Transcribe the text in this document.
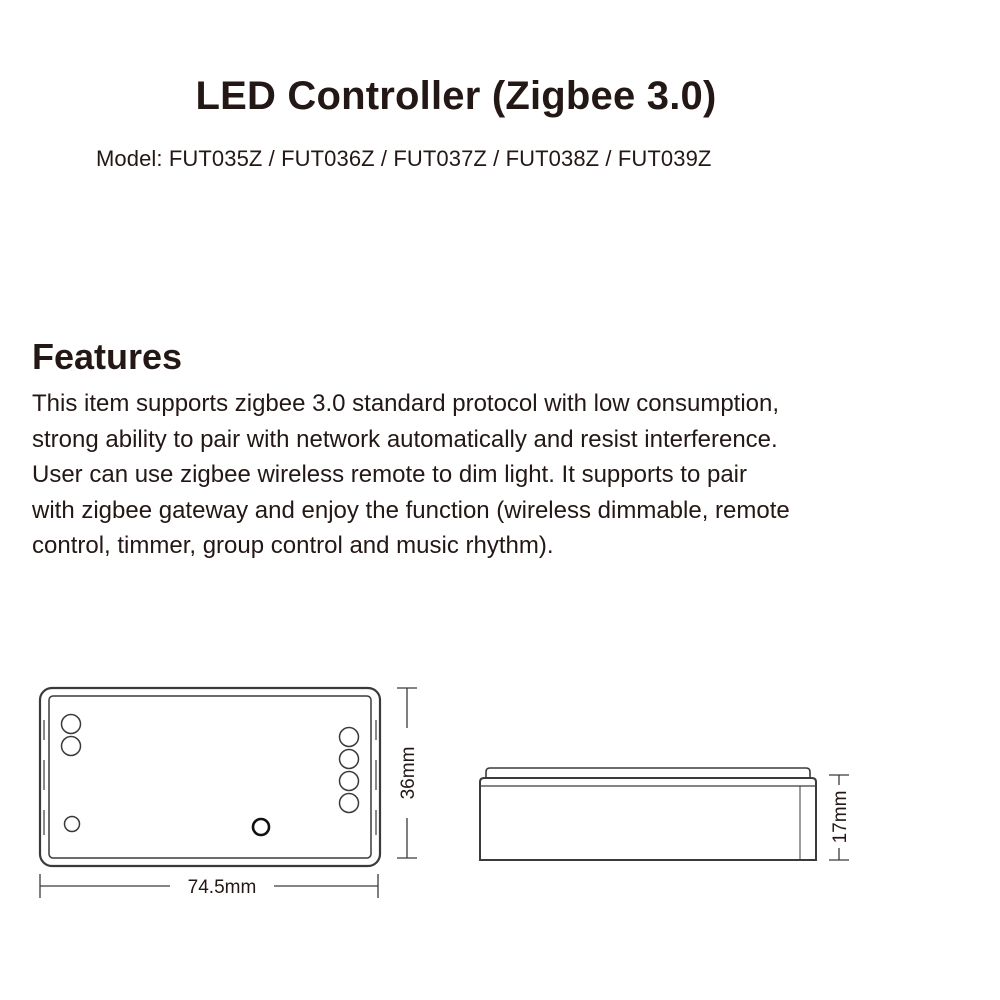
LED Controller (Zigbee 3.0)

Model: FUT035Z / FUT036Z / FUT037Z / FUT038Z / FUT039Z

Features

This item supports zigbee 3.0 standard protocol with low consumption,
strong ability to pair with network automatically and resist interference.
User can use zigbee wireless remote to dim light. It supports to pair
with zigbee gateway and enjoy the function (wireless dimmable, remote
control, timmer, group control and music rhythm).

36mm
74.5mm
17mm
